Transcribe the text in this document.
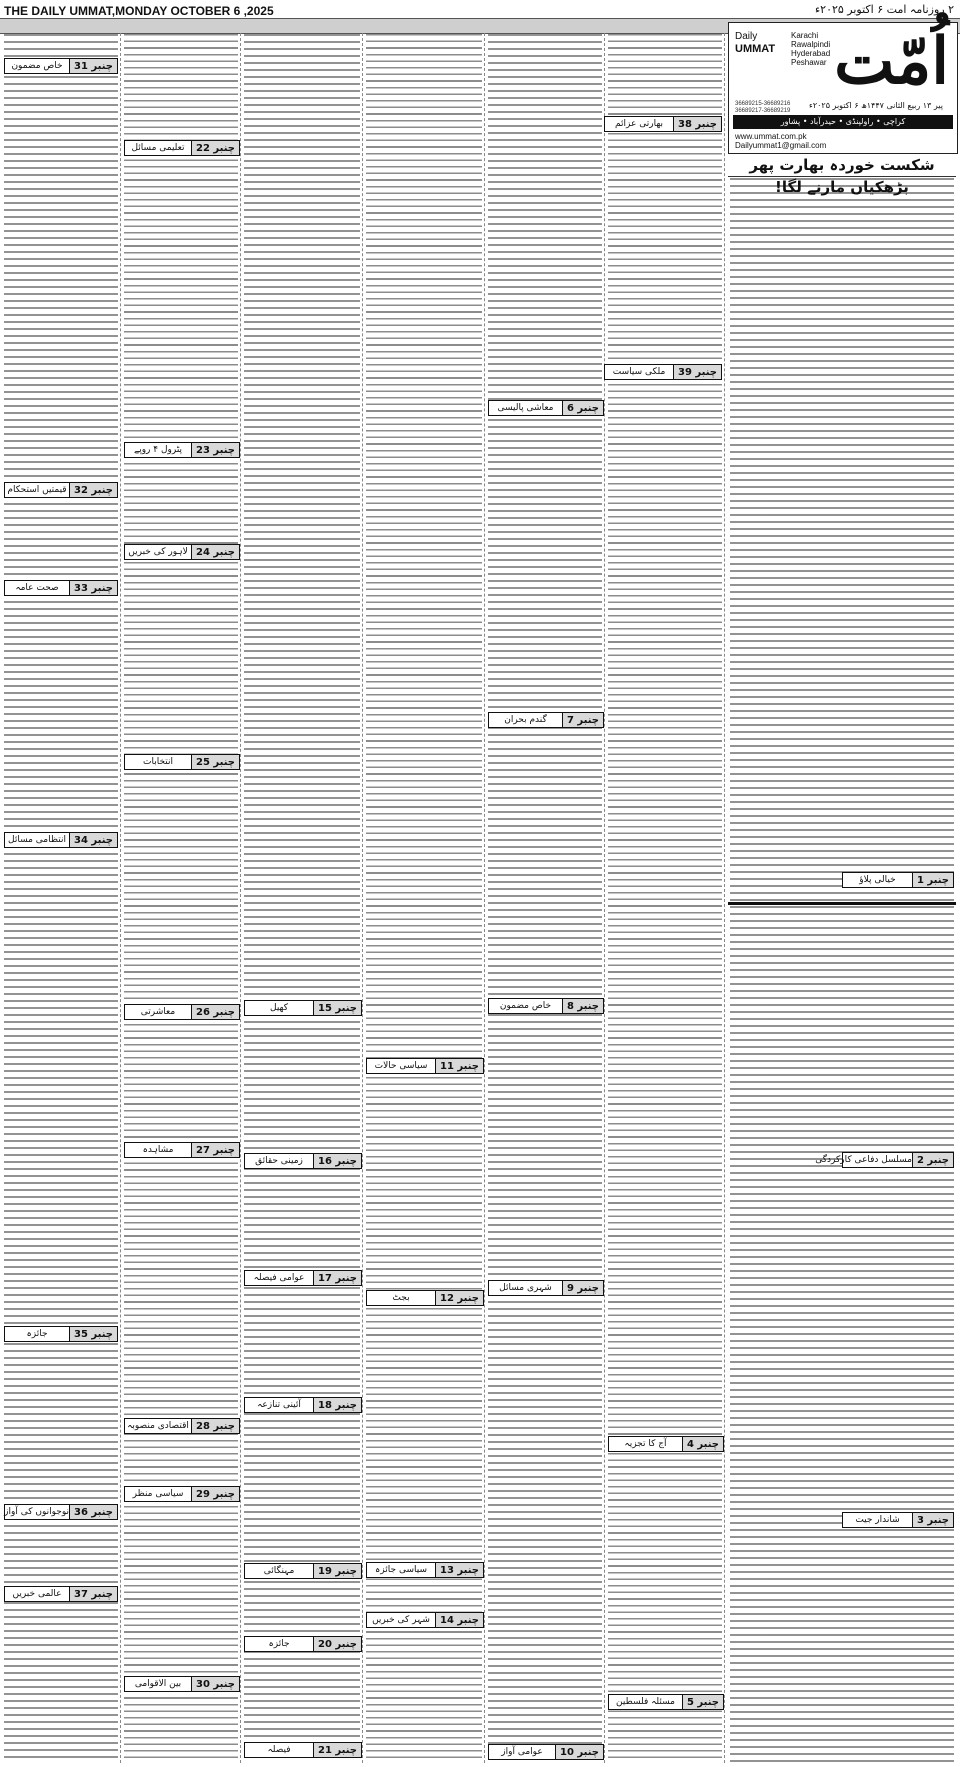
THE DAILY UMMAT,MONDAY OCTOBER 6 ,2025	۲ روزنامہ امت ۶ اکتوبر ۲۰۲۵ء
اُمّت
Daily
UMMAT
Karachi
Rawalpindi
Hyderabad
Peshawar
36689215-36689216
36689217-36689219
پیر ۱۳ ربیع الثانی ۱۴۴۷ھ ۶ اکتوبر ۲۰۲۵ء
کراچی • راولپنڈی • حیدرآباد • پشاور
www.ummat.com.pk
Dailyummat1@gmail.com
شکست خوردہ بھارت پھر بڑھکیاں مارنے لگا!
چنبر 1
خیالی پلاؤ
چنبر 2
مسلسل دفاعی کارکردگی
چنبر 3
شاندار جیت
چنبر 4
آج کا تجزیہ
چنبر 5
مسئلہ فلسطین
چنبر 6
معاشی پالیسی
چنبر 7
گندم بحران
چنبر 8
خاص مضمون
چنبر 9
شہری مسائل
چنبر 10
عوامی آواز
چنبر 11
سیاسی حالات
چنبر 12
بجٹ
چنبر 13
سیاسی جائزہ
چنبر 14
شہر کی خبریں
چنبر 15
کھیل
چنبر 16
زمینی حقائق
چنبر 17
عوامی فیصلہ
چنبر 18
آئینی تنازعہ
چنبر 19
مہنگائی
چنبر 20
جائزہ
چنبر 21
فیصلہ
چنبر 22
تعلیمی مسائل
چنبر 23
پٹرول ۴ روپے
چنبر 24
لاہور کی خبریں
چنبر 25
انتخابات
چنبر 26
معاشرتی
چنبر 27
مشاہدہ
چنبر 28
اقتصادی منصوبہ
چنبر 29
سیاسی منظر
چنبر 30
بین الاقوامی
چنبر 31
خاص مضمون
چنبر 32
قیمتیں استحکام
چنبر 33
صحت عامہ
چنبر 34
انتظامی مسائل
چنبر 35
جائزہ
چنبر 36
نوجوانوں کی آواز
چنبر 37
عالمی خبریں
چنبر 38
بھارتی عزائم
چنبر 39
ملکی سیاست
